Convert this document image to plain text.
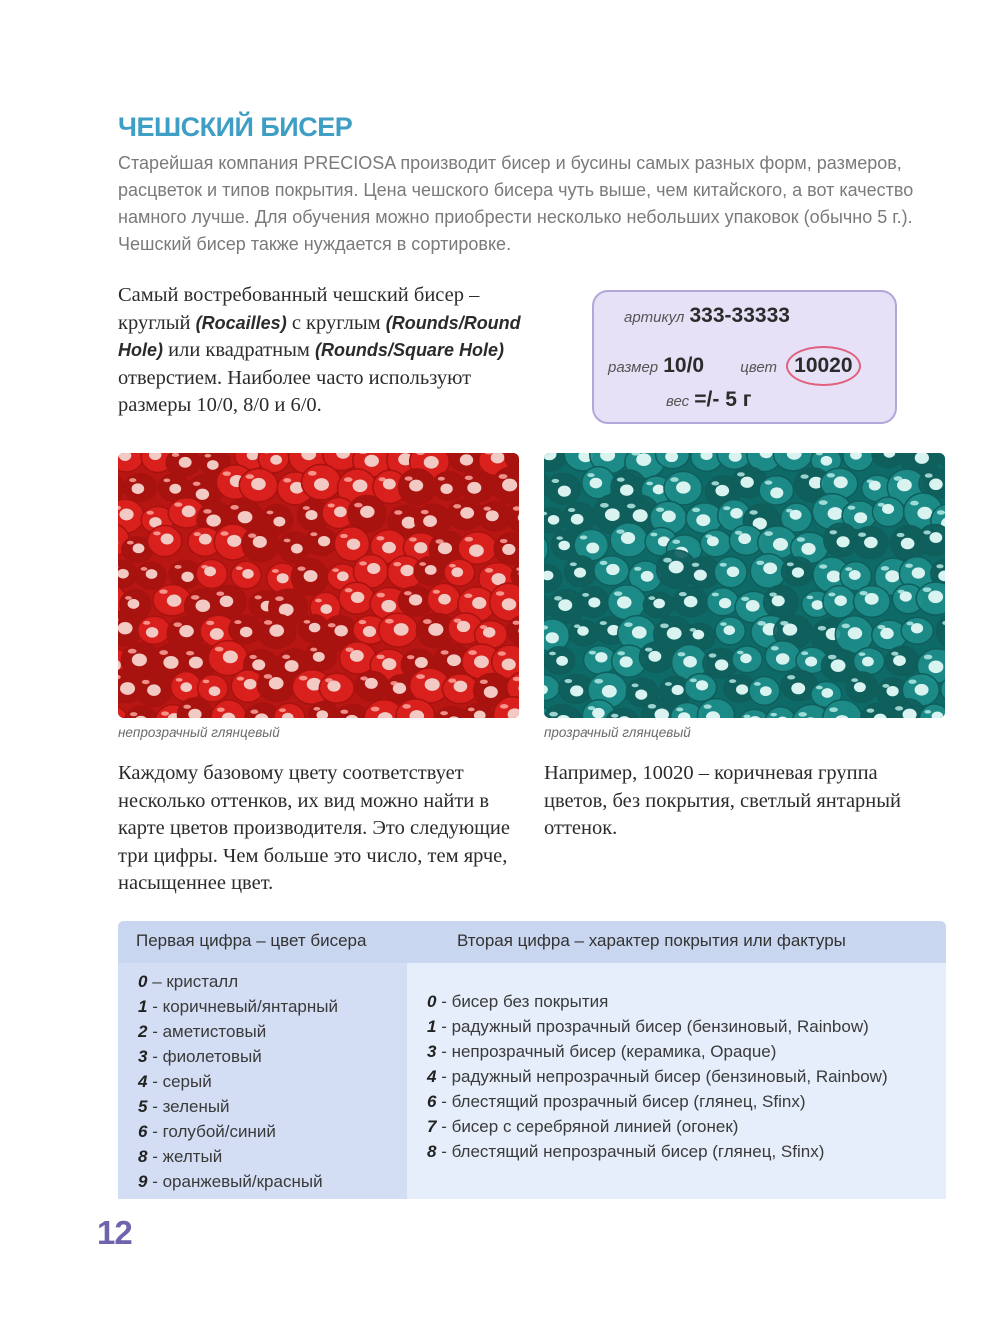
ЧЕШСКИЙ БИСЕР

Старейшая компания PRECIOSA производит бисер и бусины самых разных форм, размеров, расцветок и типов покрытия. Цена чешского бисера чуть выше, чем китайского, а вот качество намного лучше. Для обучения можно приобрести несколько небольших упаковок (обычно 5 г.). Чешский бисер также нуждается в сортировке.

Самый востребованный чешский бисер – круглый (Rocailles) с круглым (Rounds/Round Hole) или квадратным (Rounds/Square Hole) отверстием. Наиболее часто используют размеры 10/0, 8/0 и 6/0.

артикул 333-33333
размер 10/0 цвет 10020
вес =/- 5 г

непрозрачный глянцевый	прозрачный глянцевый

Каждому базовому цвету соответствует несколько оттенков, их вид можно найти в карте цветов производителя. Это следующие три цифры. Чем больше это число, тем ярче, насыщеннее цвет.

Например, 10020 – коричневая группа цветов, без покрытия, светлый янтарный оттенок.

Первая цифра – цвет бисера	Вторая цифра – характер покрытия или фактуры
0 – кристалл
1 - коричневый/янтарный
2 - аметистовый
3 - фиолетовый
4 - серый
5 - зеленый
6 - голубой/синий
8 - желтый
9 - оранжевый/красный
0 - бисер без покрытия
1 - радужный прозрачный бисер (бензиновый, Rainbow)
3 - непрозрачный бисер (керамика, Opaque)
4 - радужный непрозрачный бисер (бензиновый, Rainbow)
6 - блестящий прозрачный бисер (глянец, Sfinx)
7 - бисер с серебряной линией (огонек)
8 - блестящий непрозрачный бисер (глянец, Sfinx)

12
